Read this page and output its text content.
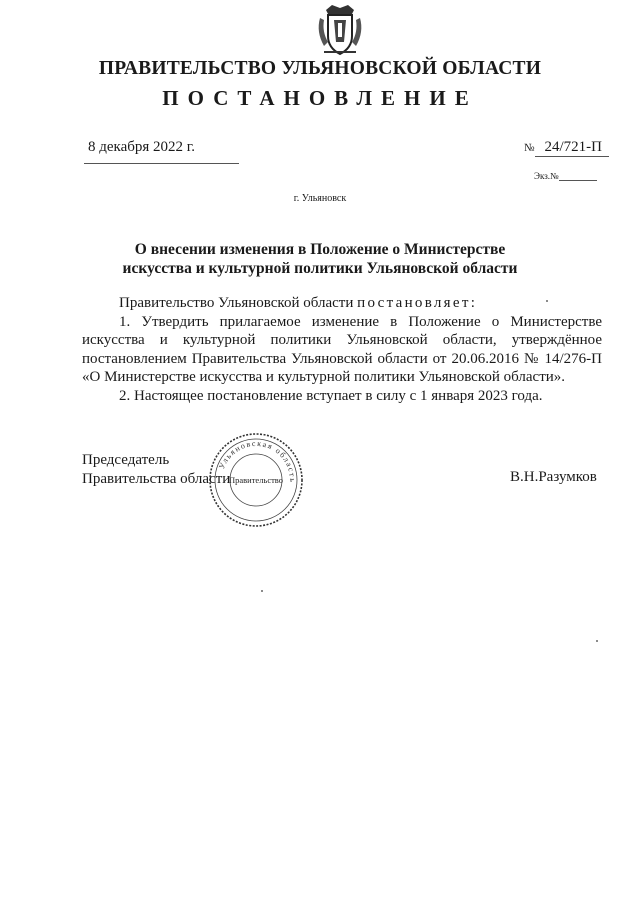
ПРАВИТЕЛЬСТВО УЛЬЯНОВСКОЙ ОБЛАСТИ
ПОСТАНОВЛЕНИЕ
8 декабря 2022 г.	№ 24/721-П
Экз.№
г. Ульяновск
О внесении изменения в Положение о Министерстве
искусства и культурной политики Ульяновской области

Правительство Ульяновской области постановляет:

1. Утвердить прилагаемое изменение в Положение о Министерстве искусства и культурной политики Ульяновской области, утверждённое постановлением Правительства Ульяновской области от 20.06.2016 № 14/276-П «О Министерстве искусства и культурной политики Ульяновской области».

2. Настоящее постановление вступает в силу с 1 января 2023 года.

Председатель
Правительства области
Ульяновская область
Правительство	В.Н.Разумков
